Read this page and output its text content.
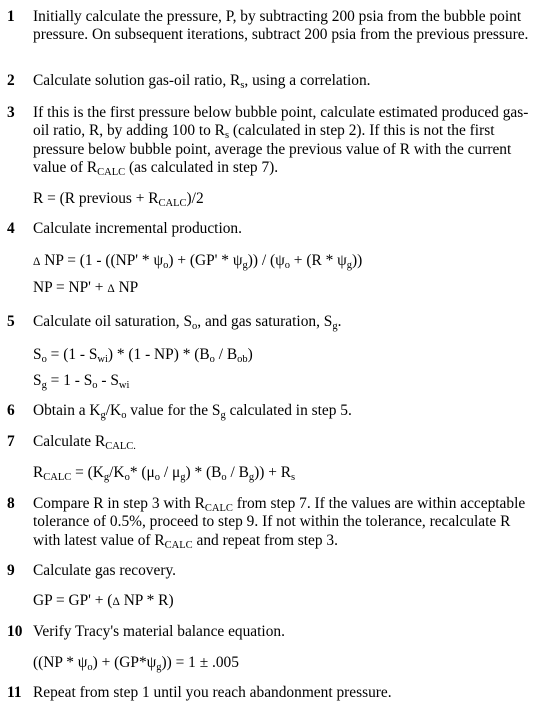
1	Initially calculate the pressure, P, by subtracting 200 psia from the bubble point pressure. On subsequent iterations, subtract 200 psia from the previous pressure.
2	Calculate solution gas-oil ratio, $R_s$, using a correlation.
3	If this is the first pressure below bubble point, calculate estimated produced gas-oil ratio, R, by adding 100 to $R_s$ (calculated in step 2). If this is not the first pressure below bubble point, average the previous value of R with the current value of $R_{CALC}$ (as calculated in step 7).
R = (R previous + $R_{CALC})/2$
4	Calculate incremental production.
Δ NP = ($1 - ((NP' * \psi_o) + (GP' * \psi_g)) / (\psi_o + (R * \psi_g))$
NP = NP' + Δ NP
5	Calculate oil saturation, $S_o$, and gas saturation, $S_g$.
$S_o = (1 - S_{wi}) * (1 - NP) * (B_o / B_{ob})$
$S_g = 1 - S_o - S_{wi}$
6	Obtain a $K_g/K_o$ value for the $S_g$ calculated in step 5.
7	Calculate $R_{CALC.}$
$R_{CALC} = (K_g/K_o*$ $(\mu_o / \mu_g) * (B_o / B_g)) + R_s$
8	Compare R in step 3 with $R_{CALC}$ from step 7. If the values are within acceptable tolerance of 0.5%, proceed to step 9. If not within the tolerance, recalculate R with latest value of $R_{CALC}$ and repeat from step 3.
9	Calculate gas recovery.
GP = GP' + (Δ NP * R)
10 Verify Tracy's material balance equation.
$((NP * \psi_o) + (GP*\psi_g)) = 1 \pm .005$
11 Repeat from step 1 until you reach abandonment pressure.
